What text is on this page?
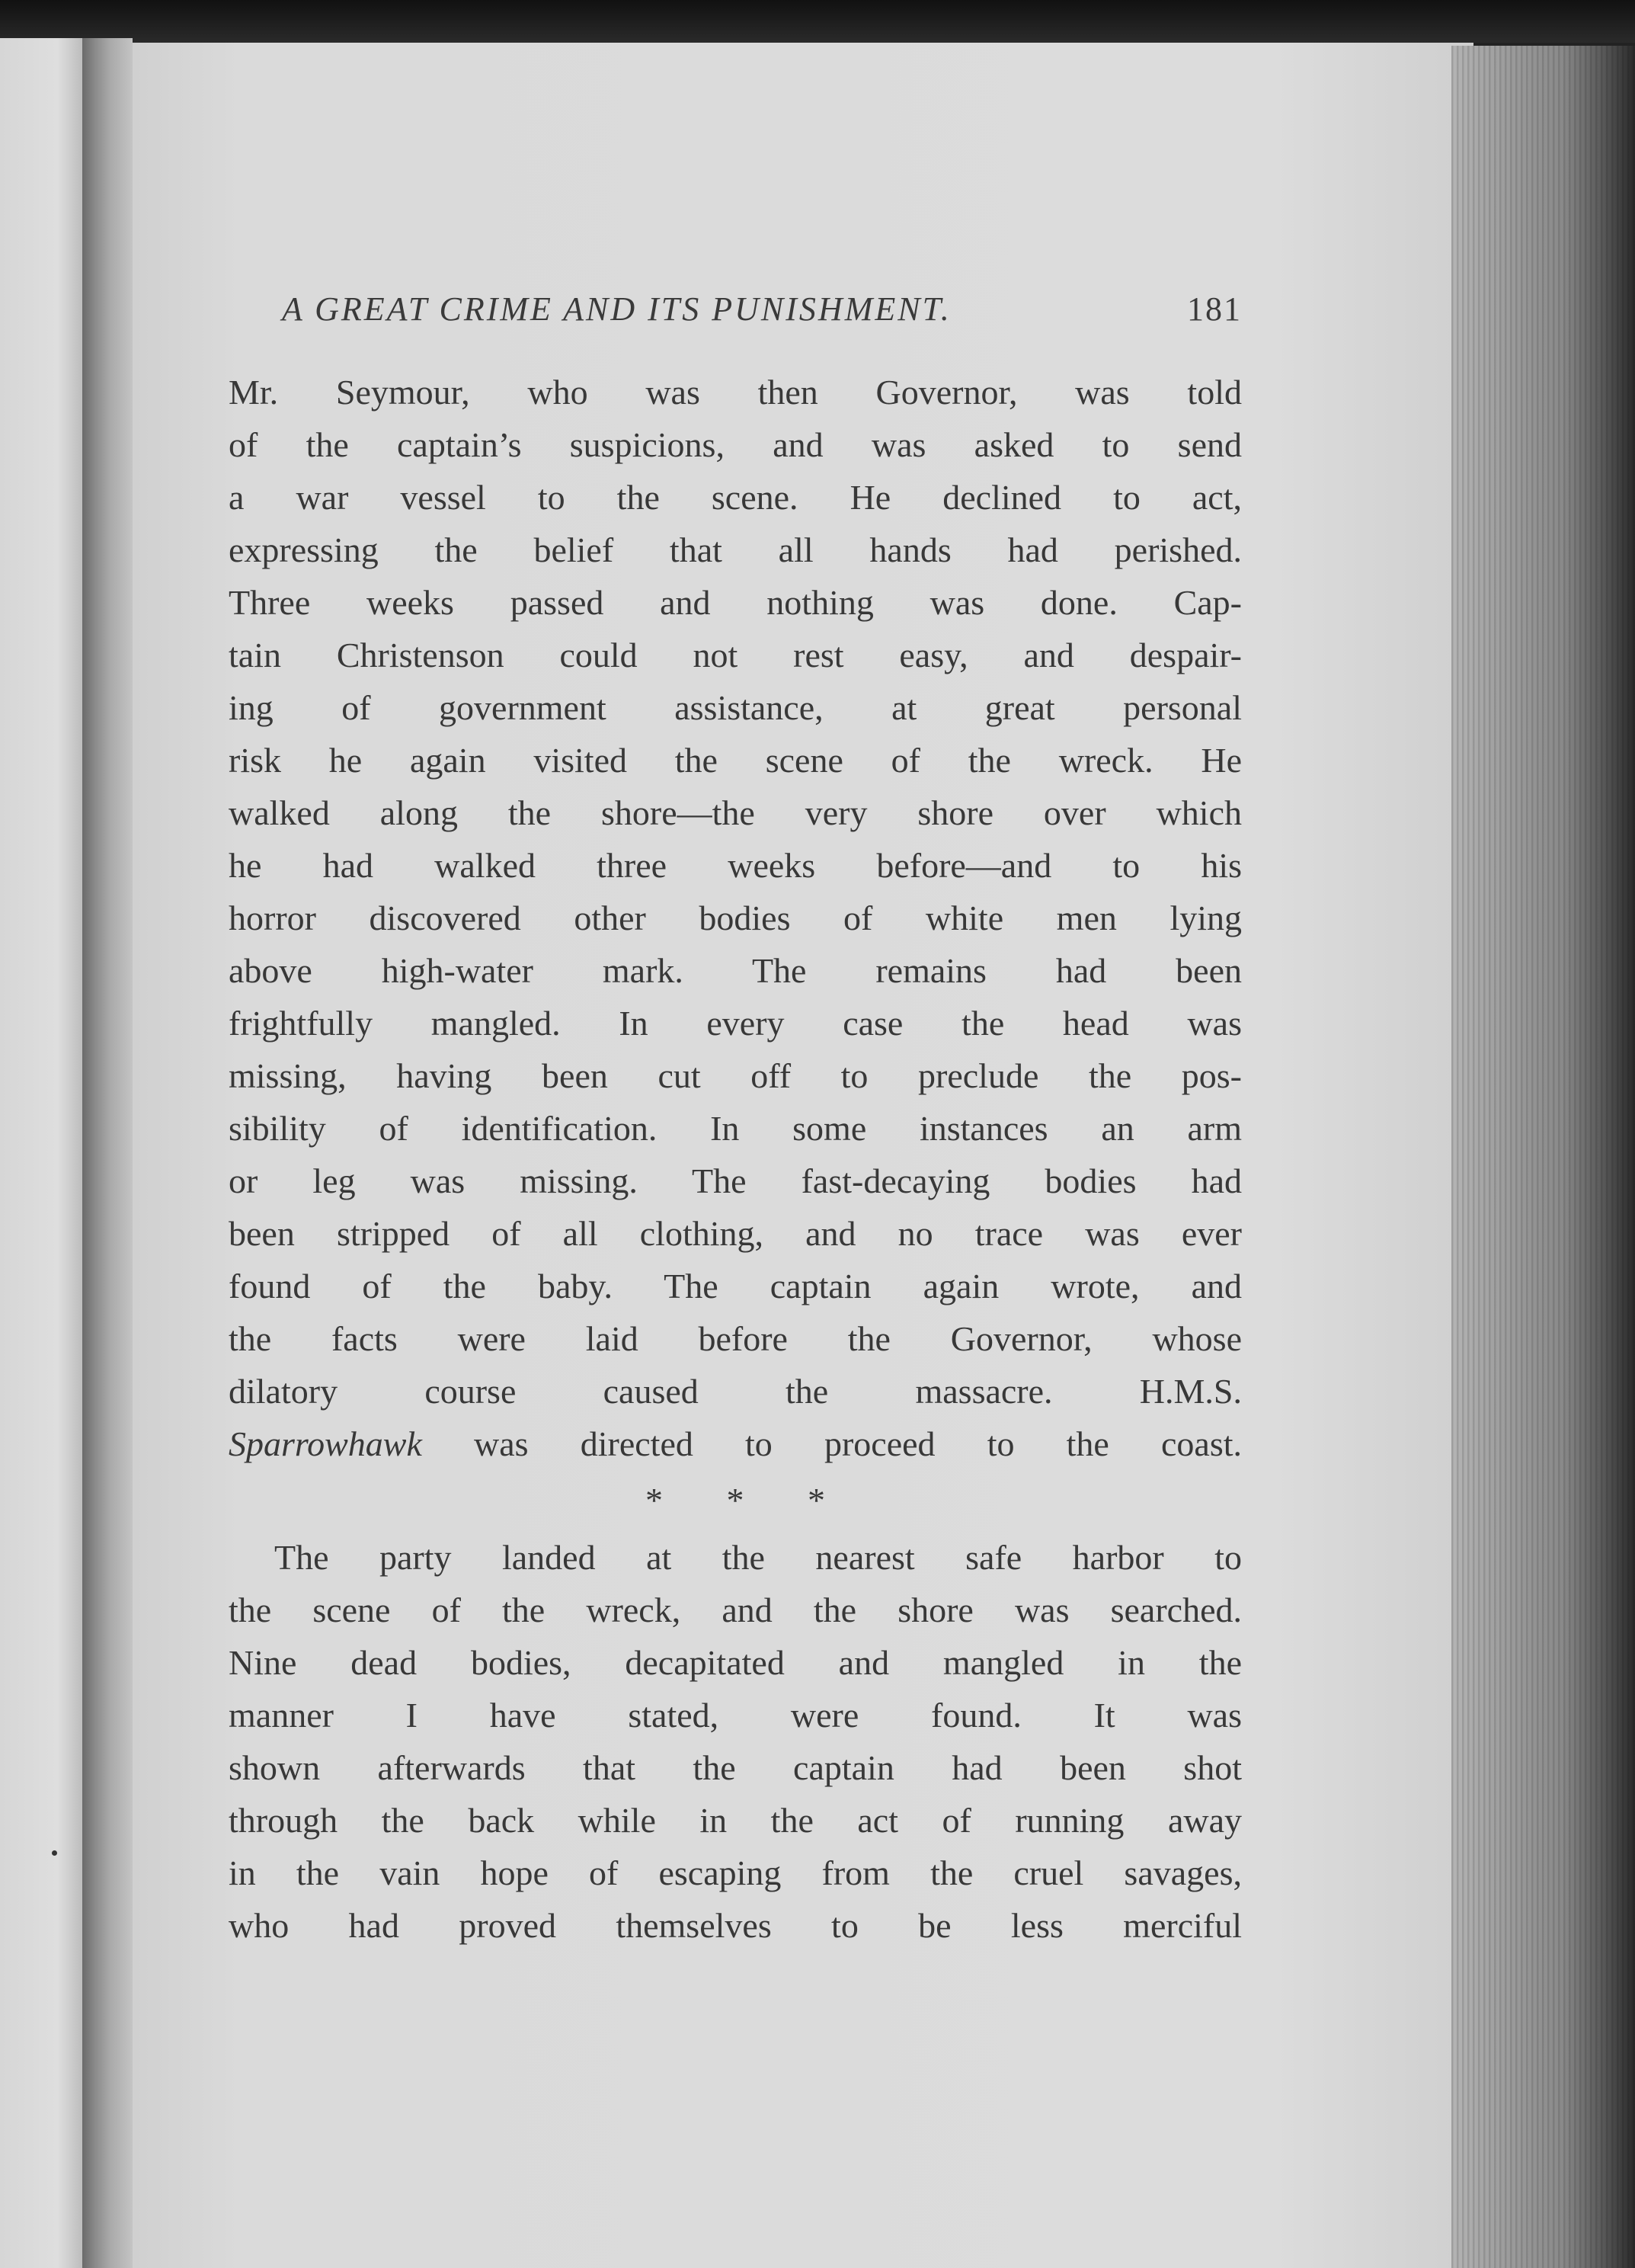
A GREAT CRIME AND ITS PUNISHMENT.	181
Mr. Seymour, who was then Governor, was told
of the captain’s suspicions, and was asked to send
a war vessel to the scene. He declined to act,
expressing the belief that all hands had perished.
Three weeks passed and nothing was done. Cap-
tain Christenson could not rest easy, and despair-
ing of government assistance, at great personal
risk he again visited the scene of the wreck. He
walked along the shore—the very shore over which
he had walked three weeks before—and to his
horror discovered other bodies of white men lying
above high-water mark. The remains had been
frightfully mangled. In every case the head was
missing, having been cut off to preclude the pos-
sibility of identification. In some instances an arm
or leg was missing. The fast-decaying bodies had
been stripped of all clothing, and no trace was ever
found of the baby. The captain again wrote, and
the facts were laid before the Governor, whose
dilatory course caused the massacre. H.M.S.
Sparrowhawk was directed to proceed to the coast.
* * *
The party landed at the nearest safe harbor to
the scene of the wreck, and the shore was searched.
Nine dead bodies, decapitated and mangled in the
manner I have stated, were found. It was
shown afterwards that the captain had been shot
through the back while in the act of running away
in the vain hope of escaping from the cruel savages,
who had proved themselves to be less merciful
